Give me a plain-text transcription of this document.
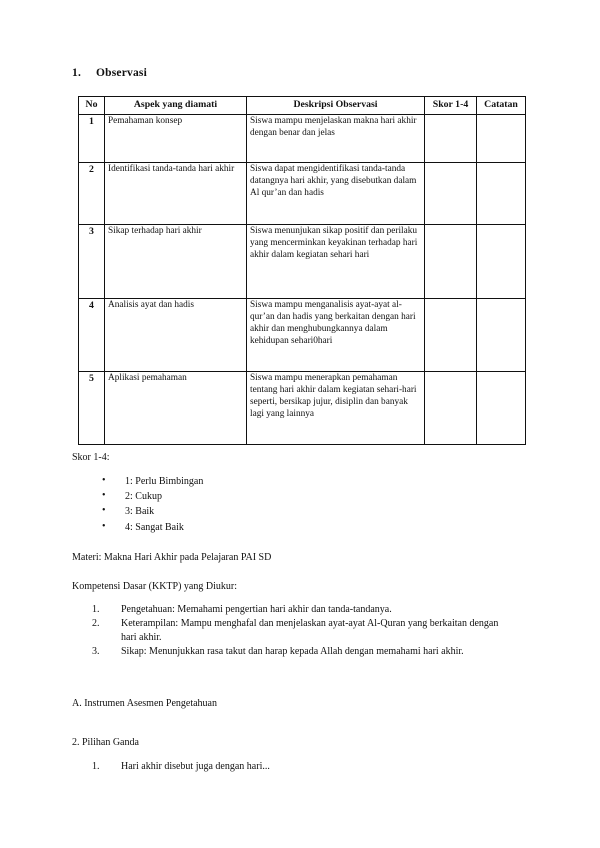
1. Observasi
No	Aspek yang diamati	Deskripsi Observasi	Skor 1-4	Catatan
1	Pemahaman konsep	Siswa mampu menjelaskan makna hari akhir dengan benar dan jelas		
2	Identifikasi tanda-tanda hari akhir	Siswa dapat mengidentifikasi tanda-tanda datangnya hari akhir, yang disebutkan dalam Al qur’an dan hadis		
3	Sikap terhadap hari akhir	Siswa menunjukan sikap positif dan perilaku yang mencerminkan keyakinan terhadap hari akhir dalam kegiatan sehari hari		
4	Analisis ayat dan hadis	Siswa mampu menganalisis ayat-ayat al-qur’an dan hadis yang berkaitan dengan hari akhir dan menghubungkannya dalam kehidupan sehari0hari		
5	Aplikasi pemahaman	Siswa mampu menerapkan pemahaman tentang hari akhir dalam kegiatan sehari-hari seperti, bersikap jujur, disiplin dan banyak lagi yang lainnya		
Skor 1-4:
• 1: Perlu Bimbingan
• 2: Cukup
• 3: Baik
• 4: Sangat Baik
Materi: Makna Hari Akhir pada Pelajaran PAI SD
Kompetensi Dasar (KKTP) yang Diukur:
1.	Pengetahuan: Memahami pengertian hari akhir dan tanda-tandanya.
2.	Keterampilan: Mampu menghafal dan menjelaskan ayat-ayat Al-Quran yang berkaitan dengan hari akhir.
3.	Sikap: Menunjukkan rasa takut dan harap kepada Allah dengan memahami hari akhir.
A. Instrumen Asesmen Pengetahuan
2. Pilihan Ganda
1.	Hari akhir disebut juga dengan hari...
